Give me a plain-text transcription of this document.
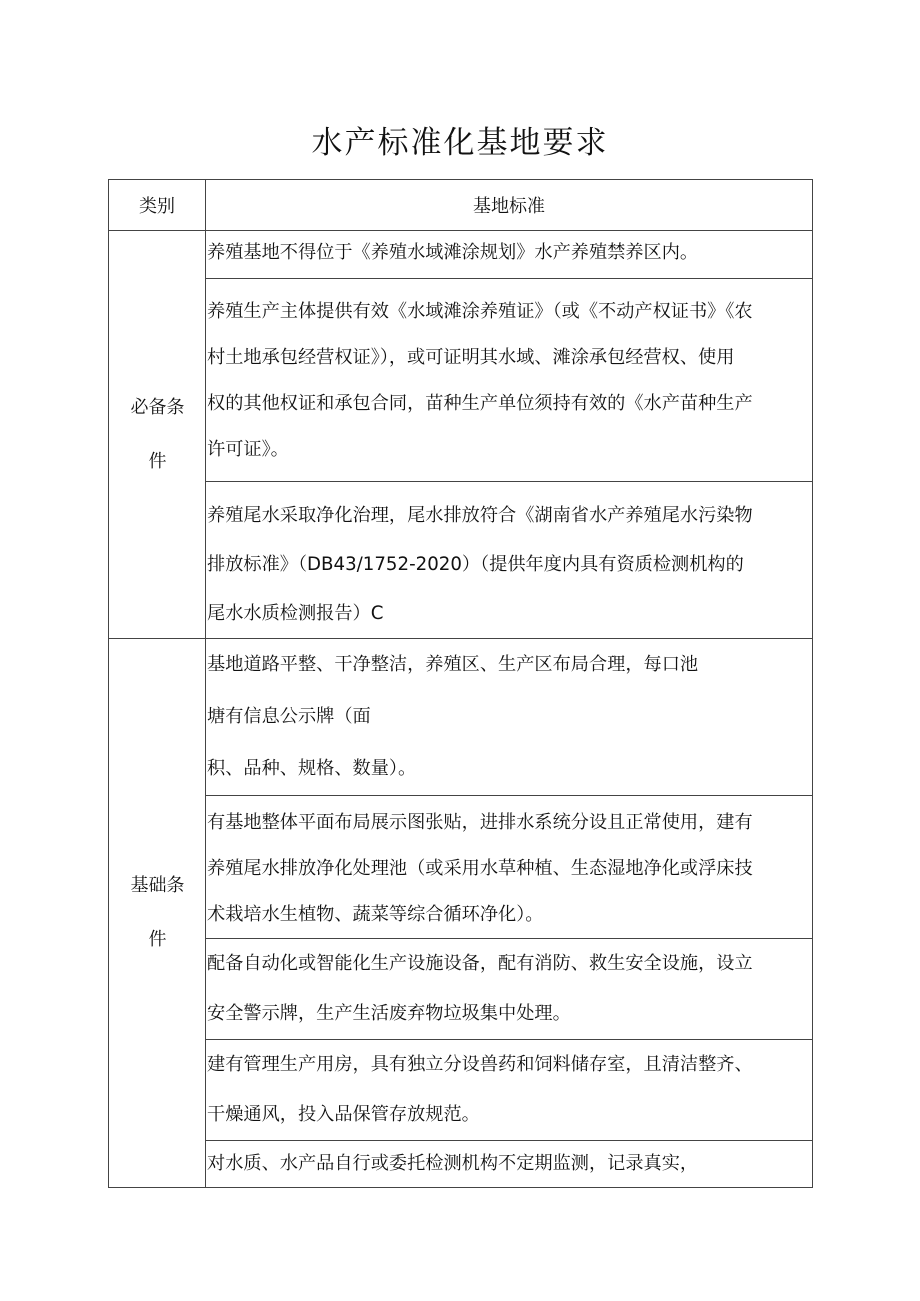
水产标准化基地要求
类别	基地标准

必备条
件	养殖基地不得位于《养殖水域滩涂规划》水产养殖禁养区内。

	养殖生产主体提供有效《水域滩涂养殖证》（或《不动产权证书》《农
村土地承包经营权证》），或可证明其水域、滩涂承包经营权、使用
权的其他权证和承包合同，苗种生产单位须持有效的《水产苗种生产
许可证》。

	养殖尾水采取净化治理，尾水排放符合《湖南省水产养殖尾水污染物
排放标准》（DB43/1752-2020）（提供年度内具有资质检测机构的
尾水水质检测报告）C

基础条
件	基地道路平整、干净整洁，养殖区、生产区布局合理，每口池
塘有信息公示牌（面
积、品种、规格、数量）。

	有基地整体平面布局展示图张贴，进排水系统分设且正常使用，建有
养殖尾水排放净化处理池（或采用水草种植、生态湿地净化或浮床技
术栽培水生植物、蔬菜等综合循环净化）。

	配备自动化或智能化生产设施设备，配有消防、救生安全设施，设立
安全警示牌，生产生活废弃物垃圾集中处理。

	建有管理生产用房，具有独立分设兽药和饲料储存室，且清洁整齐、
干燥通风，投入品保管存放规范。

	对水质、水产品自行或委托检测机构不定期监测，记录真实，
